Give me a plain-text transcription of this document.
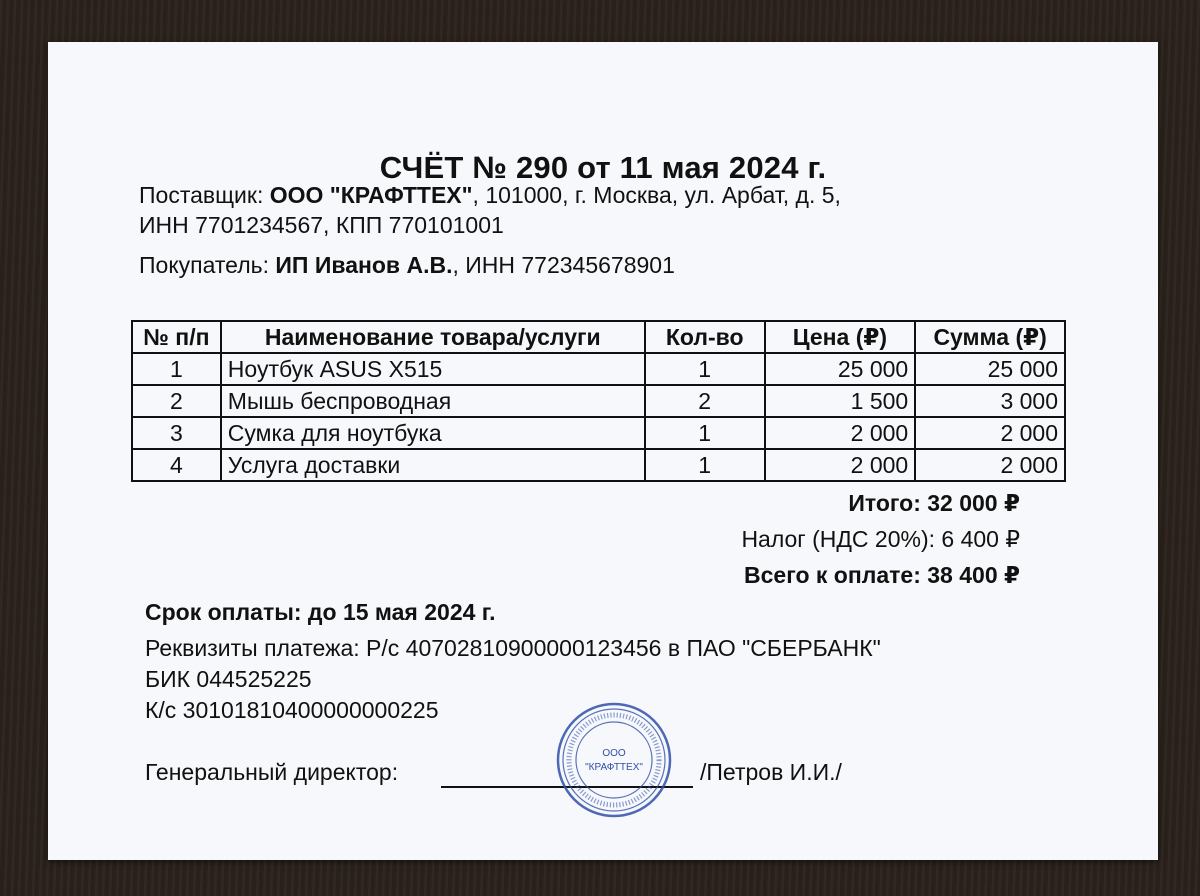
СЧЁТ № 290 от 11 мая 2024 г.

Поставщик: ООО "КРАФТТЕХ", 101000, г. Москва, ул. Арбат, д. 5,

ИНН 7701234567, КПП 770101001

Покупатель: ИП Иванов А.В., ИНН 772345678901

№ п/п	Наименование товара/услуги	Кол-во	Цена (₽)	Сумма (₽)
1	Ноутбук ASUS X515	1	25 000	25 000
2	Мышь беспроводная	2	1 500	3 000
3	Сумка для ноутбука	1	2 000	2 000
4	Услуга доставки	1	2 000	2 000

Итого: 32 000 ₽

Налог (НДС 20%): 6 400 ₽

Всего к оплате: 38 400 ₽

Срок оплаты: до 15 мая 2024 г.

Реквизиты платежа: Р/с 40702810900000123456 в ПАО "СБЕРБАНК"

БИК 044525225

К/с 30101810400000000225

Генеральный директор:	/Петров И.И./

ООО
"КРАФТТЕХ"
